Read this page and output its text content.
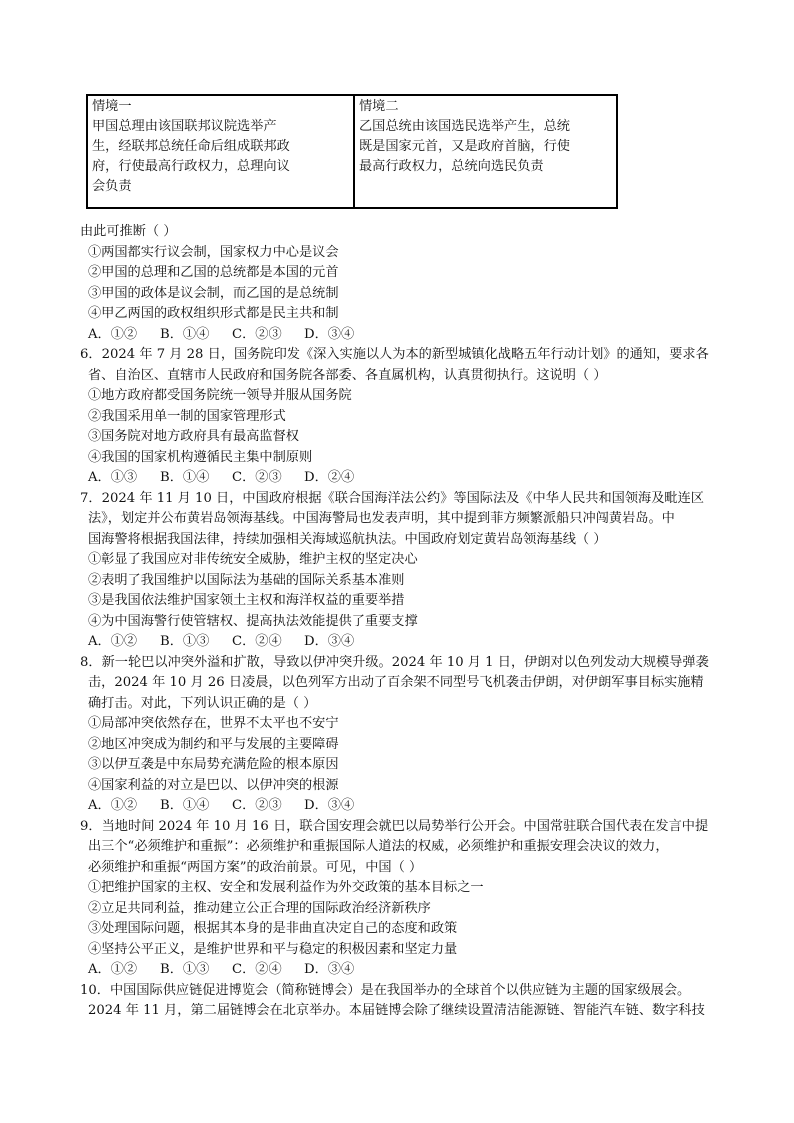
情境一
甲国总理由该国联邦议院选举产
生，经联邦总统任命后组成联邦政
府，行使最高行政权力，总理向议
会负责

情境二
乙国总统由该国选民选举产生，总统
既是国家元首，又是政府首脑，行使
最高行政权力，总统向选民负责
由此可推断（ ）
①两国都实行议会制，国家权力中心是议会
②甲国的总理和乙国的总统都是本国的元首
③甲国的政体是议会制，而乙国的是总统制
④甲乙两国的政权组织形式都是民主共和制
A．①② B．①④ C．②③ D．③④
6．2024 年 7 月 28 日，国务院印发《深入实施以人为本的新型城镇化战略五年行动计划》的通知，要求各
省、自治区、直辖市人民政府和国务院各部委、各直属机构，认真贯彻执行。这说明（ ）
①地方政府都受国务院统一领导并服从国务院
②我国采用单一制的国家管理形式
③国务院对地方政府具有最高监督权
④我国的国家机构遵循民主集中制原则
A．①③ B．①④ C．②③ D．②④
7．2024 年 11 月 10 日，中国政府根据《联合国海洋法公约》等国际法及《中华人民共和国领海及毗连区
法》，划定并公布黄岩岛领海基线。中国海警局也发表声明，其中提到菲方频繁派船只冲闯黄岩岛。中
国海警将根据我国法律，持续加强相关海域巡航执法。中国政府划定黄岩岛领海基线（ ）
①彰显了我国应对非传统安全威胁，维护主权的坚定决心
②表明了我国维护以国际法为基础的国际关系基本准则
③是我国依法维护国家领土主权和海洋权益的重要举措
④为中国海警行使管辖权、提高执法效能提供了重要支撑
A．①② B．①③ C．②④ D．③④
8．新一轮巴以冲突外溢和扩散，导致以伊冲突升级。2024 年 10 月 1 日，伊朗对以色列发动大规模导弹袭
击，2024 年 10 月 26 日凌晨，以色列军方出动了百余架不同型号飞机袭击伊朗，对伊朗军事目标实施精
确打击。对此，下列认识正确的是（ ）
①局部冲突依然存在，世界不太平也不安宁
②地区冲突成为制约和平与发展的主要障碍
③以伊互袭是中东局势充满危险的根本原因
④国家利益的对立是巴以、以伊冲突的根源
A．①② B．①④ C．②③ D．③④
9．当地时间 2024 年 10 月 16 日，联合国安理会就巴以局势举行公开会。中国常驻联合国代表在发言中提
出三个“必须维护和重振”：必须维护和重振国际人道法的权威，必须维护和重振安理会决议的效力，
必须维护和重振“两国方案”的政治前景。可见，中国（ ）
①把维护国家的主权、安全和发展利益作为外交政策的基本目标之一
②立足共同利益，推动建立公正合理的国际政治经济新秩序
③处理国际问题，根据其本身的是非曲直决定自己的态度和政策
④坚持公平正义，是维护世界和平与稳定的积极因素和坚定力量
A．①② B．①③ C．②④ D．③④
10．中国国际供应链促进博览会（简称链博会）是在我国举办的全球首个以供应链为主题的国家级展会。
2024 年 11 月，第二届链博会在北京举办。本届链博会除了继续设置清洁能源链、智能汽车链、数字科技
